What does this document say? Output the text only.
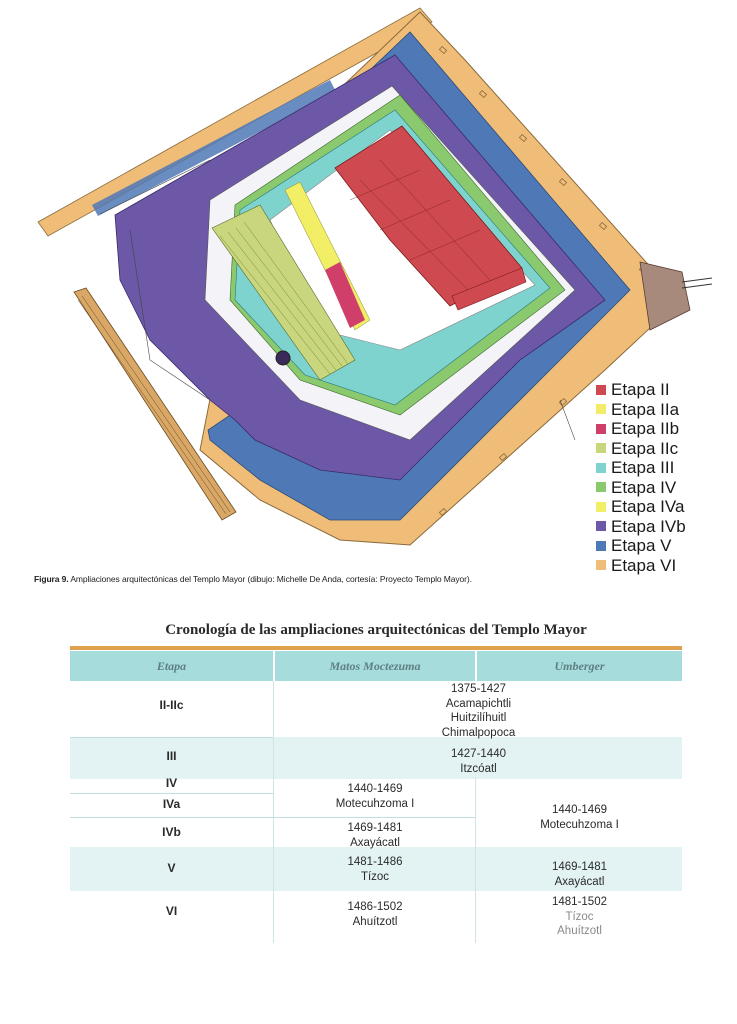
Etapa II
Etapa IIa
Etapa IIb
Etapa IIc
Etapa III
Etapa IV
Etapa IVa
Etapa IVb
Etapa V
Etapa VI
Figura 9. Ampliaciones arquitectónicas del Templo Mayor (dibujo: Michelle De Anda, cortesía: Proyecto Templo Mayor).
Cronología de las ampliaciones arquitectónicas del Templo Mayor
Etapa	Matos Moctezuma	Umberger
II-IIc
III
IV
IVa
IVb
V
VI
1375-1427
Acamapichtli
Huitzilíhuitl
Chimalpopoca
1427-1440
Itzcóatl
1440-1469
Motecuhzoma I
1469-1481
Axayácatl
1481-1486
Tízoc
1486-1502
Ahuítzotl
1440-1469
Motecuhzoma I
1469-1481
Axayácatl
1481-1502
Tízoc
Ahuítzotl
